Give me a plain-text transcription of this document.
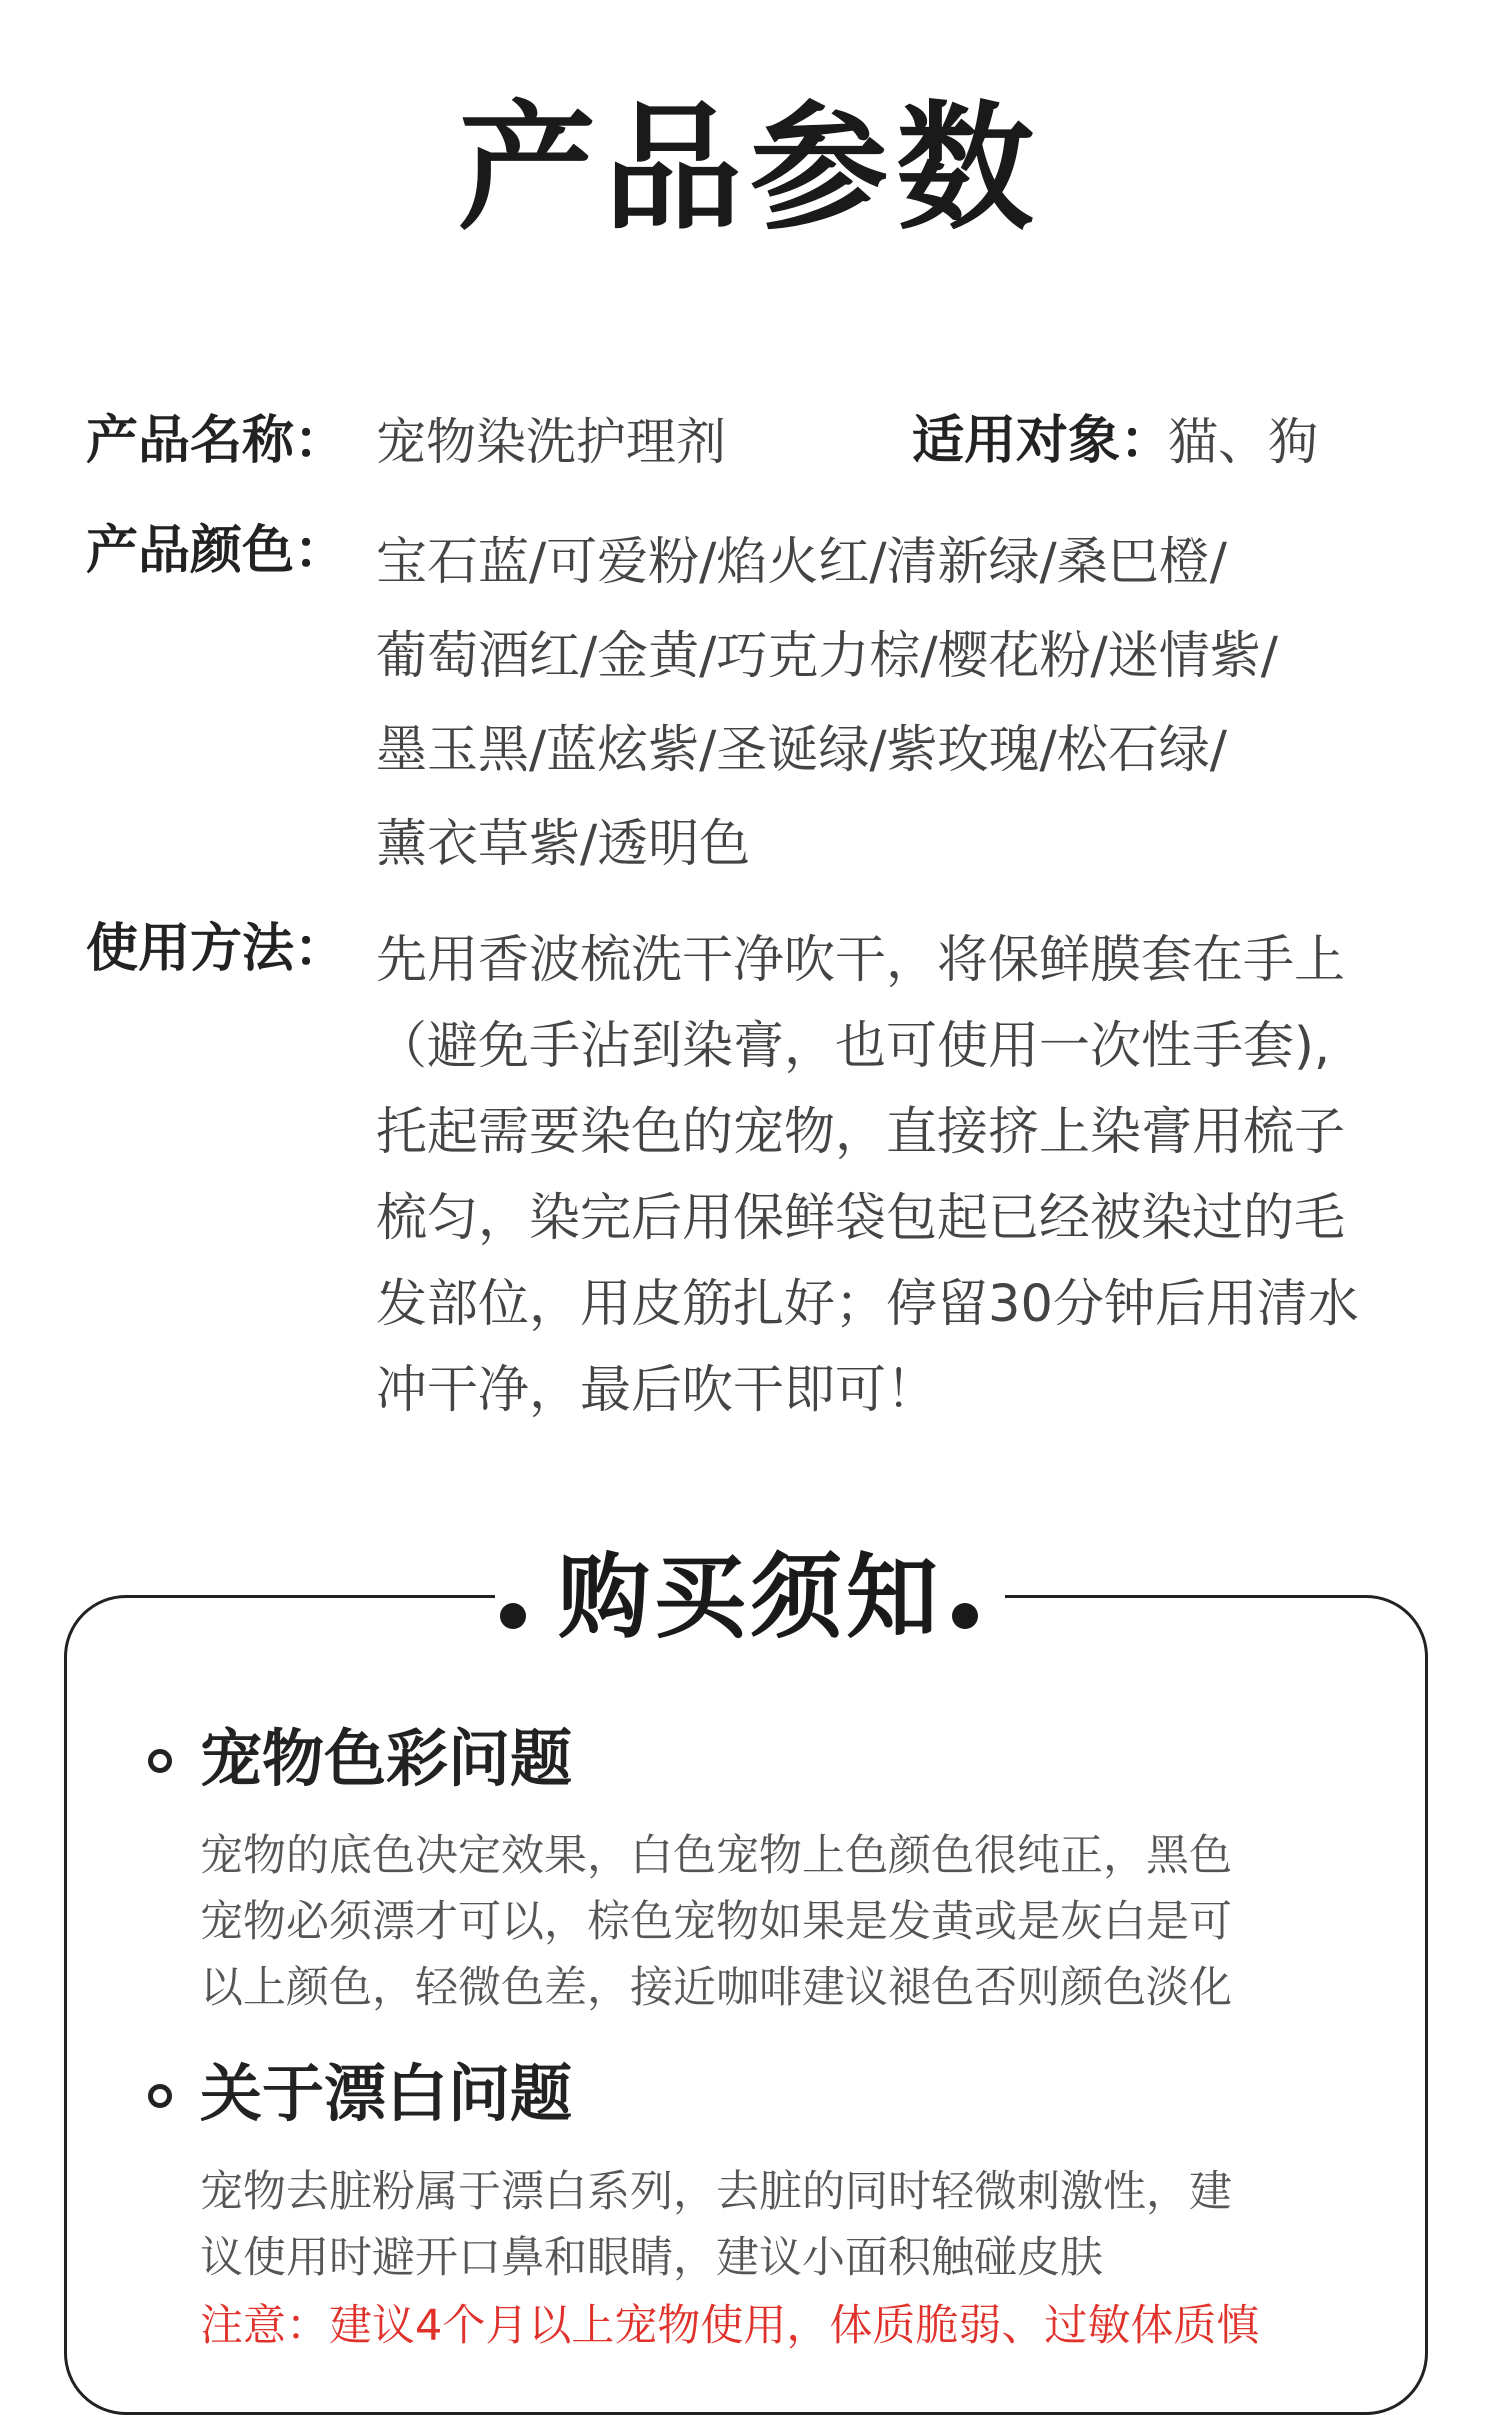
产品参数
产品名称： 宠物染洗护理剂	适用对象：
猫、狗
产品颜色： 宝石蓝/可爱粉/焰火红/清新绿/桑巴橙/
葡萄酒红/金黄/巧克力棕/樱花粉/迷情紫/
墨玉黑/蓝炫紫/圣诞绿/紫玫瑰/松石绿/
薰衣草紫/透明色
使用方法： 先用香波梳洗干净吹干，将保鲜膜套在手上
（避免手沾到染膏，也可使用一次性手套),
托起需要染色的宠物，直接挤上染膏用梳子
梳匀，染完后用保鲜袋包起已经被染过的毛
发部位，用皮筋扎好；停留30分钟后用清水
冲干净，最后吹干即可！
购买须知
宠物色彩问题
宠物的底色决定效果，白色宠物上色颜色很纯正，黑色
宠物必须漂才可以，棕色宠物如果是发黄或是灰白是可
以上颜色，轻微色差，接近咖啡建议褪色否则颜色淡化
关于漂白问题
宠物去脏粉属于漂白系列，去脏的同时轻微刺激性，建
议使用时避开口鼻和眼睛，建议小面积触碰皮肤
注意：建议4个月以上宠物使用，体质脆弱、过敏体质慎
